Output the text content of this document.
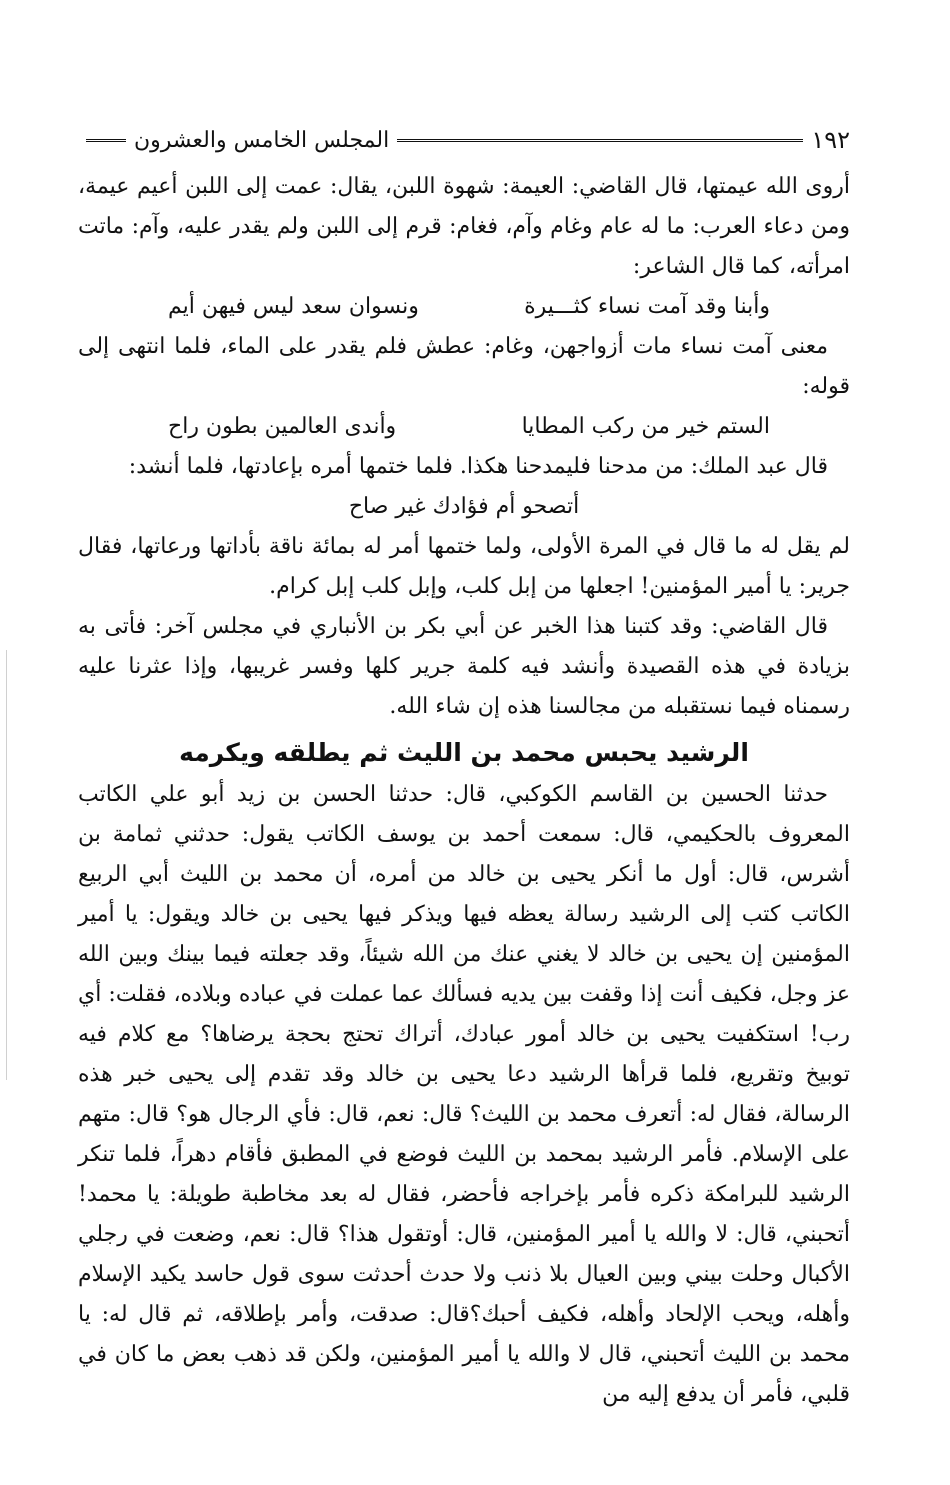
١٩٢
المجلس الخامس والعشرون

أروى الله عيمتها، قال القاضي: العيمة: شهوة اللبن، يقال: عمت إلى اللبن أعيم عيمة، ومن دعاء العرب: ما له عام وغام وآم، فغام: قرم إلى اللبن ولم يقدر عليه، وآم: ماتت امرأته، كما قال الشاعر:

وأبنا وقد آمت نساء كثـــيرة
ونسوان سعد ليس فيهن أيم

معنى آمت نساء مات أزواجهن، وغام: عطش فلم يقدر على الماء، فلما انتهى إلى قوله:

الستم خير من ركب المطايا
وأندى العالمين بطون راح

قال عبد الملك: من مدحنا فليمدحنا هكذا. فلما ختمها أمره بإعادتها، فلما أنشد:

أتصحو أم فؤادك غير صاح

لم يقل له ما قال في المرة الأولى، ولما ختمها أمر له بمائة ناقة بأداتها ورعاتها، فقال جرير: يا أمير المؤمنين! اجعلها من إبل كلب، وإبل كلب إبل كرام.

قال القاضي: وقد كتبنا هذا الخبر عن أبي بكر بن الأنباري في مجلس آخر: فأتى به بزيادة في هذه القصيدة وأنشد فيه كلمة جرير كلها وفسر غريبها، وإذا عثرنا عليه رسمناه فيما نستقبله من مجالسنا هذه إن شاء الله.

الرشيد يحبس محمد بن الليث ثم يطلقه ويكرمه

حدثنا الحسين بن القاسم الكوكبي، قال: حدثنا الحسن بن زيد أبو علي الكاتب المعروف بالحكيمي، قال: سمعت أحمد بن يوسف الكاتب يقول: حدثني ثمامة بن أشرس، قال: أول ما أنكر يحيى بن خالد من أمره، أن محمد بن الليث أبي الربيع الكاتب كتب إلى الرشيد رسالة يعظه فيها ويذكر فيها يحيى بن خالد ويقول: يا أمير المؤمنين إن يحيى بن خالد لا يغني عنك من الله شيئاً، وقد جعلته فيما بينك وبين الله عز وجل، فكيف أنت إذا وقفت بين يديه فسألك عما عملت في عباده وبلاده، فقلت: أي رب! استكفيت يحيى بن خالد أمور عبادك، أتراك تحتج بحجة يرضاها؟ مع كلام فيه توبيخ وتقريع، فلما قرأها الرشيد دعا يحيى بن خالد وقد تقدم إلى يحيى خبر هذه الرسالة، فقال له: أتعرف محمد بن الليث؟ قال: نعم، قال: فأي الرجال هو؟ قال: متهم على الإسلام. فأمر الرشيد بمحمد بن الليث فوضع في المطبق فأقام دهراً، فلما تنكر الرشيد للبرامكة ذكره فأمر بإخراجه فأحضر، فقال له بعد مخاطبة طويلة: يا محمد! أتحبني، قال: لا والله يا أمير المؤمنين، قال: أوتقول هذا؟ قال: نعم، وضعت في رجلي الأكبال وحلت بيني وبين العيال بلا ذنب ولا حدث أحدثت سوى قول حاسد يكيد الإسلام وأهله، ويحب الإلحاد وأهله، فكيف أحبك؟قال: صدقت، وأمر بإطلاقه، ثم قال له: يا محمد بن الليث أتحبني، قال لا والله يا أمير المؤمنين، ولكن قد ذهب بعض ما كان في قلبي، فأمر أن يدفع إليه من
